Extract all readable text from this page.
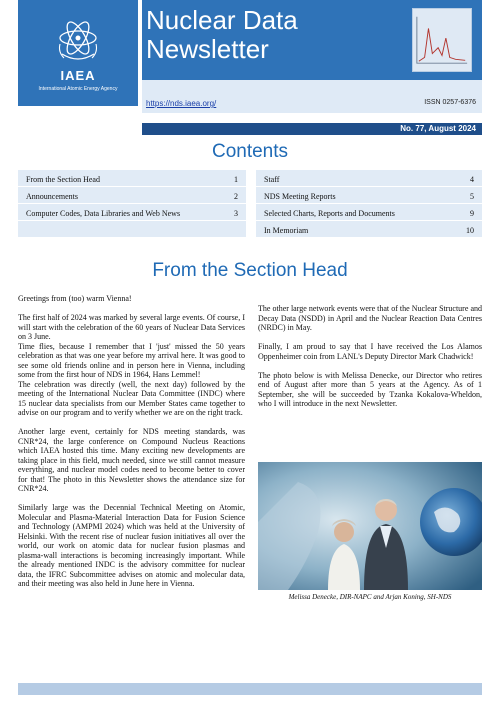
IAEA
International Atomic Energy Agency
Nuclear Data
Newsletter
https://nds.iaea.org/	ISSN 0257-6376
No. 77, August 2024
Contents
From the Section Head	1
Announcements	2
Computer Codes, Data Libraries and Web News	3
Staff	4
NDS Meeting Reports	5
Selected Charts, Reports and Documents	9
In Memoriam	10
From the Section Head

Greetings from (too) warm Vienna!

The first half of 2024 was marked by several large events. Of course, I will start with the celebration of the 60 years of Nuclear Data Services on 3 June.

Time flies, because I remember that I 'just' missed the 50 years celebration as that was one year before my arrival here. It was good to see some old friends online and in person here in Vienna, including some from the first hour of NDS in 1964, Hans Lemmel!

The celebration was directly (well, the next day) followed by the meeting of the International Nuclear Data Committee (INDC) where 15 nuclear data specialists from our Member States came together to advise on our program and to verify whether we are on the right track.

Another large event, certainly for NDS meeting standards, was CNR*24, the large conference on Compound Nucleus Reactions which IAEA hosted this time. Many exciting new developments are taking place in this field, much needed, since we still cannot measure everything, and nuclear model codes need to become better to cover for that! The photo in this Newsletter shows the attendance size for CNR*24.

Similarly large was the Decennial Technical Meeting on Atomic, Molecular and Plasma-Material Interaction Data for Fusion Science and Technology (AMPMI 2024) which was held at the University of Helsinki. With the recent rise of nuclear fusion initiatives all over the world, our work on atomic data for nuclear fusion plasmas and plasma-wall interactions is becoming increasingly important. While the already mentioned INDC is the advisory committee for nuclear data, the IFRC Subcommittee advises on atomic and molecular data, and their meeting was also held in June here in Vienna.

The other large network events were that of the Nuclear Structure and Decay Data (NSDD) in April and the Nuclear Reaction Data Centres (NRDC) in May.

Finally, I am proud to say that I have received the Los Alamos Oppenheimer coin from LANL's Deputy Director Mark Chadwick!

The photo below is with Melissa Denecke, our Director who retires end of August after more than 5 years at the Agency. As of 1 September, she will be succeeded by Tzanka Kokalova-Wheldon, who I will introduce in the next Newsletter.

Melissa Denecke, DIR-NAPC and Arjan Koning, SH-NDS
